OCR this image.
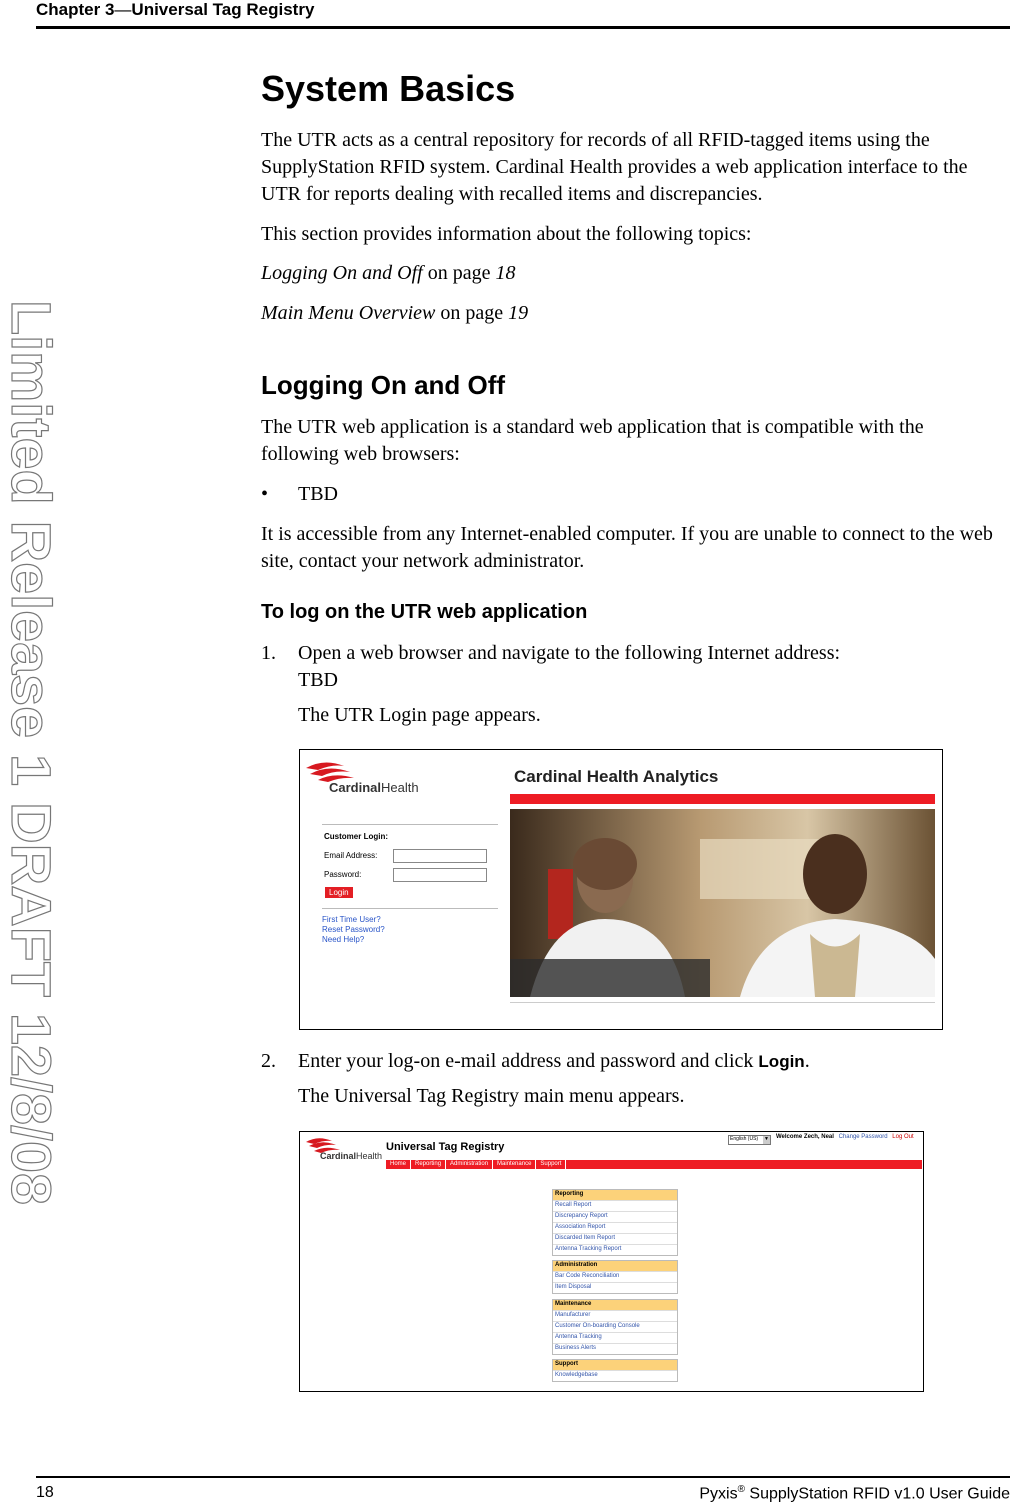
Chapter 3—Universal Tag Registry
Limited Release 1 DRAFT 12/8/08
System Basics

The UTR acts as a central repository for records of all RFID-tagged items using the SupplyStation RFID system. Cardinal Health provides a web application interface to the UTR for reports dealing with recalled items and discrepancies.

This section provides information about the following topics:

Logging On and Off on page 18

Main Menu Overview on page 19

Logging On and Off

The UTR web application is a standard web application that is compatible with the following web browsers:

• TBD

It is accessible from any Internet-enabled computer. If you are unable to connect to the web site, contact your network administrator.

To log on the UTR web application

1. Open a web browser and navigate to the following Internet address:

TBD

The UTR Login page appears.

CardinalHealth
Cardinal Health Analytics
Customer Login:
Email Address:
Password:
Login
First Time User?
Reset Password?
Need Help?

2. Enter your log-on e-mail address and password and click Login.

The Universal Tag Registry main menu appears.

CardinalHealth
Universal Tag Registry
English (US) ▼ Welcome Zech, Neal Change Password Log Out
Home	Reporting	Administration	Maintenance	Support
Reporting
Recall Report
Discrepancy Report
Association Report
Discarded Item Report
Antenna Tracking Report
Administration
Bar Code Reconciliation
Item Disposal
Maintenance
Manufacturer
Customer On-boarding Console
Antenna Tracking
Business Alerts
Support
Knowledgebase
18	Pyxis® SupplyStation RFID v1.0 User Guide
